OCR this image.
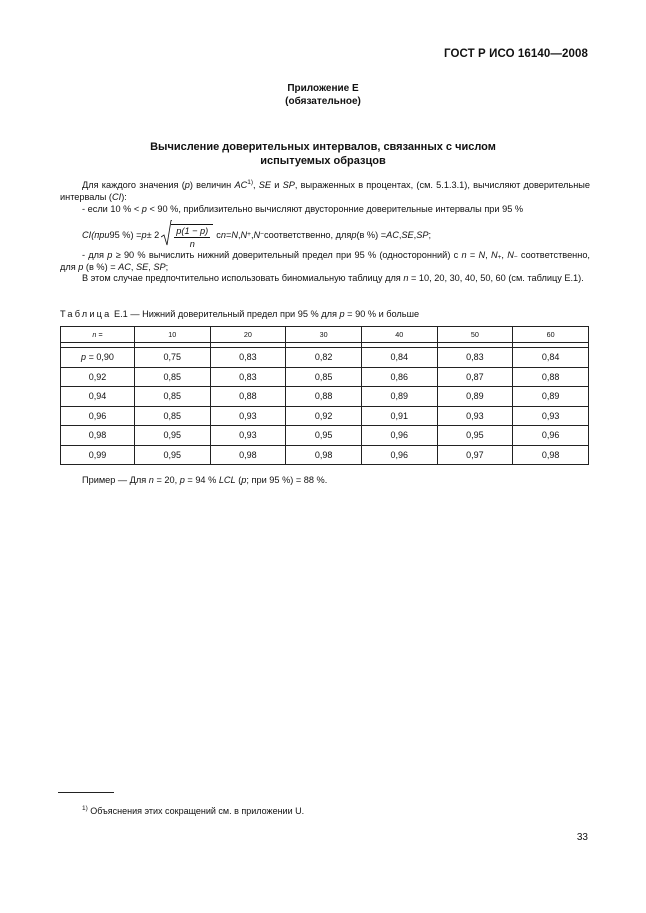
ГОСТ Р ИСО 16140—2008
Приложение Е
(обязательное)
Вычисление доверительных интервалов, связанных с числом
испытуемых образцов
Для каждого значения (p) величин AC$^{1)}$, SE и SP, выраженных в процентах, (см. 5.1.3.1), вычисляют доверительные интервалы (CI):
- если 10 % < p < 90 %, приблизительно вычисляют двусторонние доверительные интервалы при 95 %
CI (при 95 %) = $p \pm 2 \frac{p(1 - p)}{n}$ с n = N , N + , N − соответственно, для p (в %) = AC , SE , SP ;
- для p ≥ 90 % вычислить нижний доверительный предел при 95 % (односторонний) с n = N, $N_+$, $N_-$ соответственно, для p (в %) = AC, SE, SP;
В этом случае предпочтительно использовать биномиальную таблицу для n = 10, 20, 30, 40, 50, 60 (см. таблицу Е.1).
Таблица Е.1 — Нижний доверительный предел при 95 % для p = 90 % и больше
n =	10	20	30	40	50	60

p = 0,90	0,75	0,83	0,82	0,84	0,83	0,84
0,92	0,85	0,83	0,85	0,86	0,87	0,88
0,94	0,85	0,88	0,88	0,89	0,89	0,89
0,96	0,85	0,93	0,92	0,91	0,93	0,93
0,98	0,95	0,93	0,95	0,96	0,95	0,96
0,99	0,95	0,98	0,98	0,96	0,97	0,98
Пример — Для n = 20, p = 94 % LCL (p; при 95 %) = 88 %.
$^{1)}$ Объяснения этих сокращений см. в приложении U.
33
